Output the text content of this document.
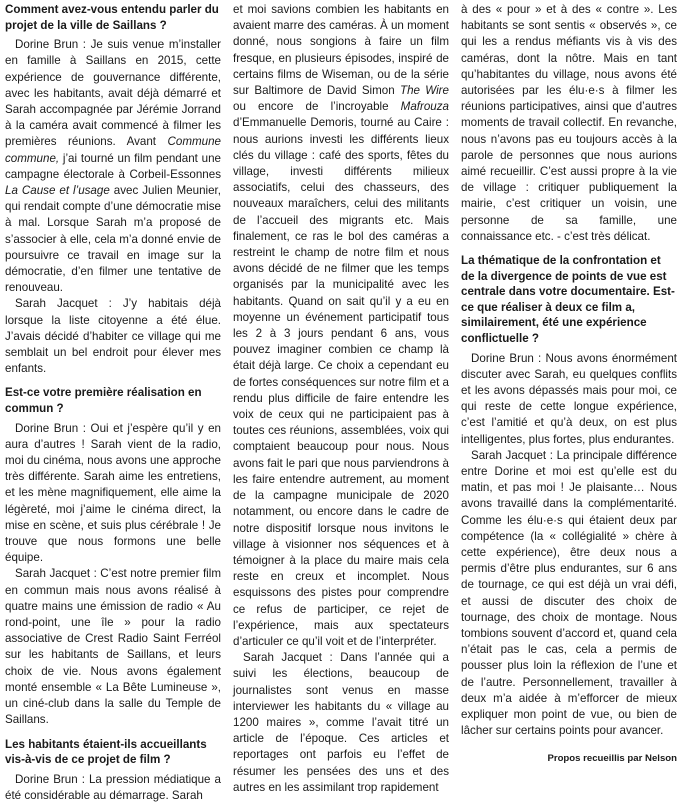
Comment avez-vous entendu parler du projet de la ville de Saillans ?

Dorine Brun : Je suis venue m’installer en famille à Saillans en 2015, cette expérience de gouvernance différente, avec les habitants, avait déjà démarré et Sarah accompagnée par Jérémie Jorrand à la caméra avait commencé à filmer les premières réunions. Avant Commune commune, j’ai tourné un film pendant une campagne électorale à Corbeil-Essonnes La Cause et l’usage avec Julien Meunier, qui rendait compte d’une démocratie mise à mal. Lorsque Sarah m’a proposé de s’associer à elle, cela m’a donné envie de poursuivre ce travail en image sur la démocratie, d’en filmer une tentative de renouveau.

Sarah Jacquet : J’y habitais déjà lorsque la liste citoyenne a été élue. J’avais décidé d’habiter ce village qui me semblait un bel endroit pour élever mes enfants.

Est-ce votre première réalisation en commun ?

Dorine Brun : Oui et j’espère qu’il y en aura d’autres ! Sarah vient de la radio, moi du cinéma, nous avons une approche très différente. Sarah aime les entretiens, et les mène magnifiquement, elle aime la légèreté, moi j’aime le cinéma direct, la mise en scène, et suis plus cérébrale ! Je trouve que nous formons une belle équipe.

Sarah Jacquet : C’est notre premier film en commun mais nous avons réalisé à quatre mains une émission de radio « Au rond-point, une île » pour la radio associative de Crest Radio Saint Ferréol sur les habitants de Saillans, et leurs choix de vie. Nous avons également monté ensemble « La Bête Lumineuse », un ciné-club dans la salle du Temple de Saillans.

Les habitants étaient-ils accueillants vis-à-vis de ce projet de film ?

Dorine Brun : La pression médiatique a été considérable au démarrage. Sarah

et moi savions combien les habitants en avaient marre des caméras. À un moment donné, nous songions à faire un film fresque, en plusieurs épisodes, inspiré de certains films de Wiseman, ou de la série sur Baltimore de David Simon The Wire ou encore de l’incroyable Mafrouza d’Emmanuelle Demoris, tourné au Caire : nous aurions investi les différents lieux clés du village : café des sports, fêtes du village, investi différents milieux associatifs, celui des chasseurs, des nouveaux maraîchers, celui des militants de l’accueil des migrants etc. Mais finalement, ce ras le bol des caméras a restreint le champ de notre film et nous avons décidé de ne filmer que les temps organisés par la municipalité avec les habitants. Quand on sait qu’il y a eu en moyenne un événement participatif tous les 2 à 3 jours pendant 6 ans, vous pouvez imaginer combien ce champ là était déjà large. Ce choix a cependant eu de fortes conséquences sur notre film et a rendu plus difficile de faire entendre les voix de ceux qui ne participaient pas à toutes ces réunions, assemblées, voix qui comptaient beaucoup pour nous. Nous avons fait le pari que nous parviendrons à les faire entendre autrement, au moment de la campagne municipale de 2020 notamment, ou encore dans le cadre de notre dispositif lorsque nous invitons le village à visionner nos séquences et à témoigner à la place du maire mais cela reste en creux et incomplet. Nous esquissons des pistes pour comprendre ce refus de participer, ce rejet de l’expérience, mais aux spectateurs d’articuler ce qu’il voit et de l’interpréter.

Sarah Jacquet : Dans l’année qui a suivi les élections, beaucoup de journalistes sont venus en masse interviewer les habitants du « village au 1200 maires », comme l’avait titré un article de l’époque. Ces articles et reportages ont parfois eu l’effet de résumer les pensées des uns et des autres en les assimilant trop rapidement

à des « pour » et à des « contre ». Les habitants se sont sentis « observés », ce qui les a rendus méfiants vis à vis des caméras, dont la nôtre. Mais en tant qu’habitantes du village, nous avons été autorisées par les élu·e·s à filmer les réunions participatives, ainsi que d’autres moments de travail collectif. En revanche, nous n’avons pas eu toujours accès à la parole de personnes que nous aurions aimé recueillir. C’est aussi propre à la vie de village : critiquer publiquement la mairie, c’est critiquer un voisin, une personne de sa famille, une connaissance etc. - c’est très délicat.

La thématique de la confrontation et de la divergence de points de vue est centrale dans votre documentaire. Est-ce que réaliser à deux ce film a, similairement, été une expérience conflictuelle ?

Dorine Brun : Nous avons énormément discuter avec Sarah, eu quelques conflits et les avons dépassés mais pour moi, ce qui reste de cette longue expérience, c’est l’amitié et qu’à deux, on est plus intelligentes, plus fortes, plus endurantes.

Sarah Jacquet : La principale différence entre Dorine et moi est qu’elle est du matin, et pas moi ! Je plaisante… Nous avons travaillé dans la complémentarité. Comme les élu·e·s qui étaient deux par compétence (la « collégialité » chère à cette expérience), être deux nous a permis d’être plus endurantes, sur 6 ans de tournage, ce qui est déjà un vrai défi, et aussi de discuter des choix de tournage, des choix de montage. Nous tombions souvent d’accord et, quand cela n’était pas le cas, cela a permis de pousser plus loin la réflexion de l’une et de l’autre. Personnellement, travailler à deux m’a aidée à m’efforcer de mieux expliquer mon point de vue, ou bien de lâcher sur certains points pour avancer.

Propos recueillis par Nelson
